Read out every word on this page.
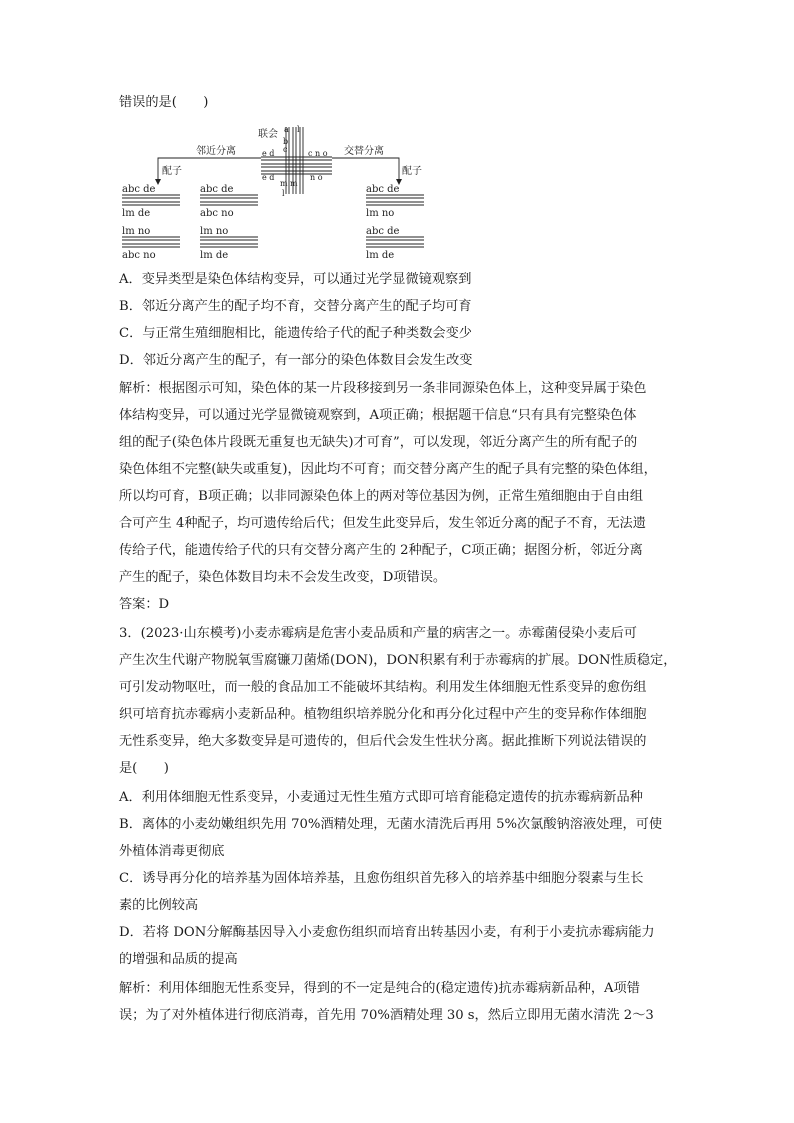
错误的是(　　)
联会
邻近分离	交替分离
配子	配子
a l
b
c
e d	c n o
e d	n o
m m
l
abc de
lm de
abc de
abc no
lm no
abc no
lm no
lm de
abc de
lm no
abc de
lm de
A．变异类型是染色体结构变异，可以通过光学显微镜观察到
B．邻近分离产生的配子均不育，交替分离产生的配子均可育
C．与正常生殖细胞相比，能遗传给子代的配子种类数会变少
D．邻近分离产生的配子，有一部分的染色体数目会发生改变
解析：根据图示可知，染色体的某一片段移接到另一条非同源染色体上，这种变异属于染色
体结构变异，可以通过光学显微镜观察到，A项正确；根据题干信息“只有具有完整染色体
组的配子(染色体片段既无重复也无缺失)才可育”，可以发现，邻近分离产生的所有配子的
染色体组不完整(缺失或重复)，因此均不可育；而交替分离产生的配子具有完整的染色体组，
所以均可育，B项正确；以非同源染色体上的两对等位基因为例，正常生殖细胞由于自由组
合可产生 4种配子，均可遗传给后代；但发生此变异后，发生邻近分离的配子不育，无法遗
传给子代，能遗传给子代的只有交替分离产生的 2种配子，C项正确；据图分析，邻近分离
产生的配子，染色体数目均未不会发生改变，D项错误。
答案：D
3．(2023·山东模考)小麦赤霉病是危害小麦品质和产量的病害之一。赤霉菌侵染小麦后可
产生次生代谢产物脱氧雪腐镰刀菌烯(DON)，DON积累有利于赤霉病的扩展。DON性质稳定，
可引发动物呕吐，而一般的食品加工不能破坏其结构。利用发生体细胞无性系变异的愈伤组
织可培育抗赤霉病小麦新品种。植物组织培养脱分化和再分化过程中产生的变异称作体细胞
无性系变异，绝大多数变异是可遗传的，但后代会发生性状分离。据此推断下列说法错误的
是(　　)
A．利用体细胞无性系变异，小麦通过无性生殖方式即可培育能稳定遗传的抗赤霉病新品种
B．离体的小麦幼嫩组织先用 70%酒精处理，无菌水清洗后再用 5%次氯酸钠溶液处理，可使
外植体消毒更彻底
C．诱导再分化的培养基为固体培养基，且愈伤组织首先移入的培养基中细胞分裂素与生长
素的比例较高
D．若将 DON分解酶基因导入小麦愈伤组织而培育出转基因小麦，有利于小麦抗赤霉病能力
的增强和品质的提高
解析：利用体细胞无性系变异，得到的不一定是纯合的(稳定遗传)抗赤霉病新品种，A项错
误；为了对外植体进行彻底消毒，首先用 70%酒精处理 30 s，然后立即用无菌水清洗 2～3
